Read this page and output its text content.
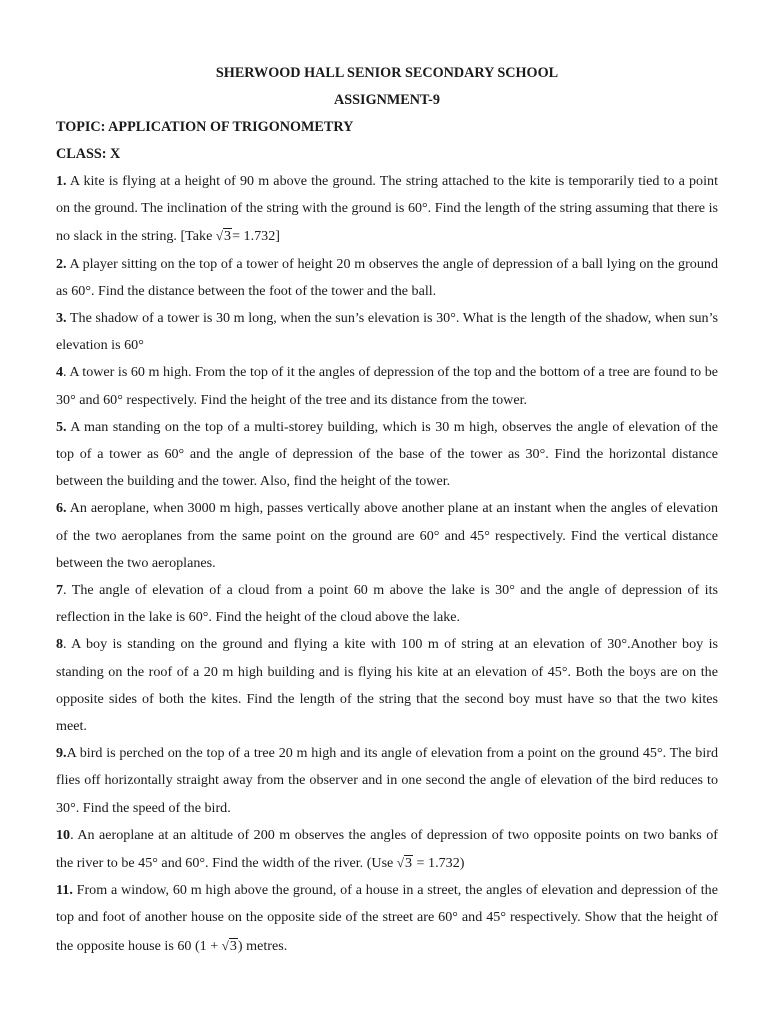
SHERWOOD HALL SENIOR SECONDARY SCHOOL
ASSIGNMENT-9
TOPIC: APPLICATION OF TRIGONOMETRY
CLASS: X
1. A kite is flying at a height of 90 m above the ground. The string attached to the kite is temporarily tied to a point on the ground. The inclination of the string with the ground is 60°. Find the length of the string assuming that there is no slack in the string. [Take √3= 1.732]
2. A player sitting on the top of a tower of height 20 m observes the angle of depression of a ball lying on the ground as 60°. Find the distance between the foot of the tower and the ball.
3. The shadow of a tower is 30 m long, when the sun’s elevation is 30°. What is the length of the shadow, when sun’s elevation is 60°
4. A tower is 60 m high. From the top of it the angles of depression of the top and the bottom of a tree are found to be 30° and 60° respectively. Find the height of the tree and its distance from the tower.
5. A man standing on the top of a multi-storey building, which is 30 m high, observes the angle of elevation of the top of a tower as 60° and the angle of depression of the base of the tower as 30°. Find the horizontal distance between the building and the tower. Also, find the height of the tower.
6. An aeroplane, when 3000 m high, passes vertically above another plane at an instant when the angles of elevation of the two aeroplanes from the same point on the ground are 60° and 45° respectively. Find the vertical distance between the two aeroplanes.
7. The angle of elevation of a cloud from a point 60 m above the lake is 30° and the angle of depression of its reflection in the lake is 60°. Find the height of the cloud above the lake.
8. A boy is standing on the ground and flying a kite with 100 m of string at an elevation of 30°.Another boy is standing on the roof of a 20 m high building and is flying his kite at an elevation of 45°. Both the boys are on the opposite sides of both the kites. Find the length of the string that the second boy must have so that the two kites meet.
9.A bird is perched on the top of a tree 20 m high and its angle of elevation from a point on the ground 45°. The bird flies off horizontally straight away from the observer and in one second the angle of elevation of the bird reduces to 30°. Find the speed of the bird.
10. An aeroplane at an altitude of 200 m observes the angles of depression of two opposite points on two banks of the river to be 45° and 60°. Find the width of the river. (Use √3 = 1.732)
11. From a window, 60 m high above the ground, of a house in a street, the angles of elevation and depression of the top and foot of another house on the opposite side of the street are 60° and 45° respectively. Show that the height of the opposite house is 60 (1 + √3) metres.
